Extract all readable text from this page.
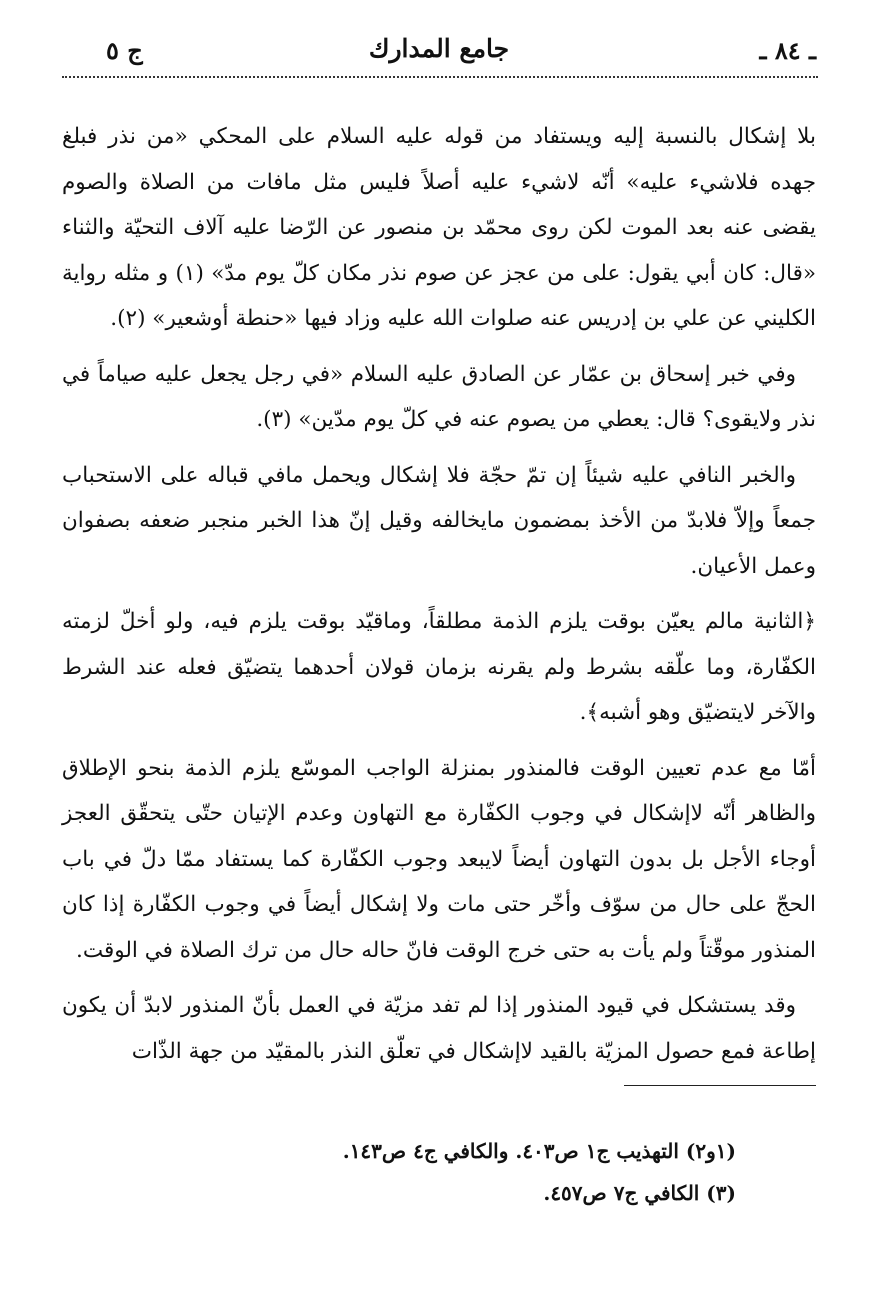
ـ ٨٤ ـ
جامع المدارك
ج ٥

بلا إشكال بالنسبة إليه ويستفاد من قوله عليه السلام على المحكي «من نذر فبلغ جهده فلاشيء عليه» أنّه لاشيء عليه أصلاً فليس مثل مافات من الصلاة والصوم يقضى عنه بعد الموت لكن روى محمّد بن منصور عن الرّضا عليه آلاف التحيّة والثناء «قال: كان أبي يقول: على من عجز عن صوم نذر مكان كلّ يوم مدّ» (١) و مثله رواية الكليني عن علي بن إدريس عنه صلوات الله عليه وزاد فيها «حنطة أوشعير» (٢).

وفي خبر إسحاق بن عمّار عن الصادق عليه السلام «في رجل يجعل عليه صياماً في نذر ولايقوى؟ قال: يعطي من يصوم عنه في كلّ يوم مدّين» (٣).

والخبر النافي عليه شيئاً إن تمّ حجّة فلا إشكال ويحمل مافي قباله على الاستحباب جمعاً وإلاّ فلابدّ من الأخذ بمضمون مايخالفه وقيل إنّ هذا الخبر منجبر ضعفه بصفوان وعمل الأعيان.

﴿الثانية مالم يعيّن بوقت يلزم الذمة مطلقاً، وماقيّد بوقت يلزم فيه، ولو أخلّ لزمته الكفّارة، وما علّقه بشرط ولم يقرنه بزمان قولان أحدهما يتضيّق فعله عند الشرط والآخر لايتضيّق وهو أشبه﴾.

أمّا مع عدم تعيين الوقت فالمنذور بمنزلة الواجب الموسّع يلزم الذمة بنحو الإطلاق والظاهر أنّه لاإشكال في وجوب الكفّارة مع التهاون وعدم الإتيان حتّى يتحقّق العجز أوجاء الأجل بل بدون التهاون أيضاً لايبعد وجوب الكفّارة كما يستفاد ممّا دلّ في باب الحجّ على حال من سوّف وأخّر حتى مات ولا إشكال أيضاً في وجوب الكفّارة إذا كان المنذور موقّتاً ولم يأت به حتى خرج الوقت فانّ حاله حال من ترك الصلاة في الوقت.

وقد يستشكل في قيود المنذور إذا لم تفد مزيّة في العمل بأنّ المنذور لابدّ أن يكون إطاعة فمع حصول المزيّة بالقيد لاإشكال في تعلّق النذر بالمقيّد من جهة الذّات

(١و٢) التهذيب ج١ ص٤٠٣. والكافي ج٤ ص١٤٣.

(٣) الكافي ج٧ ص٤٥٧.
